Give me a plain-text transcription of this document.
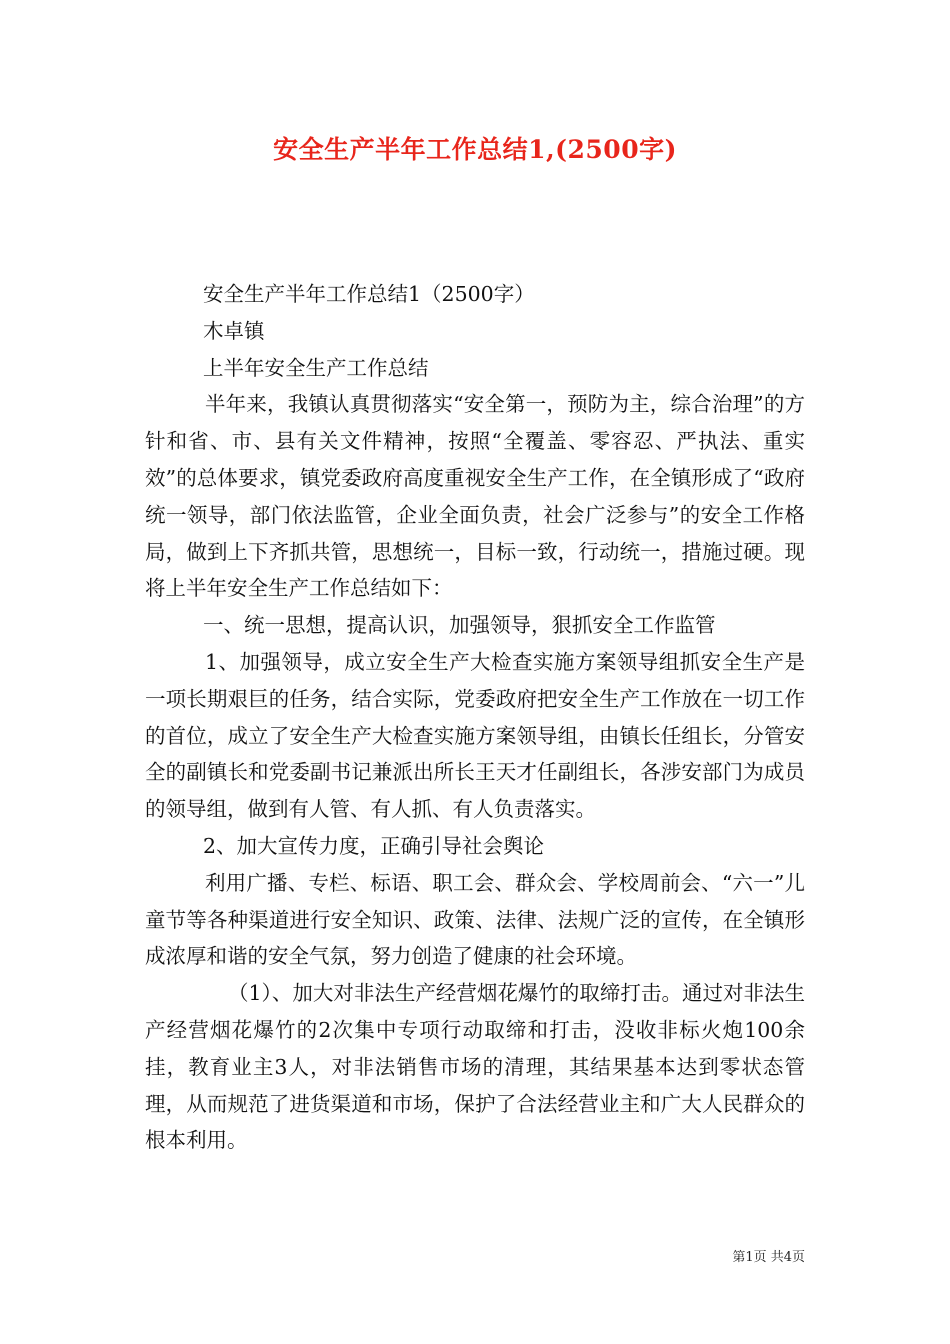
安全生产半年工作总结1,(2500字)

安全生产半年工作总结1（2500字）

木卓镇

上半年安全生产工作总结

半年来，我镇认真贯彻落实“安全第一，预防为主，综合治理”的方针和省、市、县有关文件精神，按照“全覆盖、零容忍、严执法、重实效”的总体要求，镇党委政府高度重视安全生产工作，在全镇形成了“政府统一领导，部门依法监管，企业全面负责，社会广泛参与”的安全工作格局，做到上下齐抓共管，思想统一，目标一致，行动统一，措施过硬。现将上半年安全生产工作总结如下：

一、统一思想，提高认识，加强领导，狠抓安全工作监管

1、加强领导，成立安全生产大检查实施方案领导组抓安全生产是一项长期艰巨的任务，结合实际，党委政府把安全生产工作放在一切工作的首位，成立了安全生产大检查实施方案领导组，由镇长任组长，分管安全的副镇长和党委副书记兼派出所长王天才任副组长，各涉安部门为成员的领导组，做到有人管、有人抓、有人负责落实。

2、加大宣传力度，正确引导社会舆论

利用广播、专栏、标语、职工会、群众会、学校周前会、“六一”儿童节等各种渠道进行安全知识、政策、法律、法规广泛的宣传，在全镇形成浓厚和谐的安全气氛，努力创造了健康的社会环境。

（1）、加大对非法生产经营烟花爆竹的取缔打击。通过对非法生产经营烟花爆竹的2次集中专项行动取缔和打击，没收非标火炮100余挂，教育业主3人，对非法销售市场的清理，其结果基本达到零状态管理，从而规范了进货渠道和市场，保护了合法经营业主和广大人民群众的根本利用。

第1页 共4页
